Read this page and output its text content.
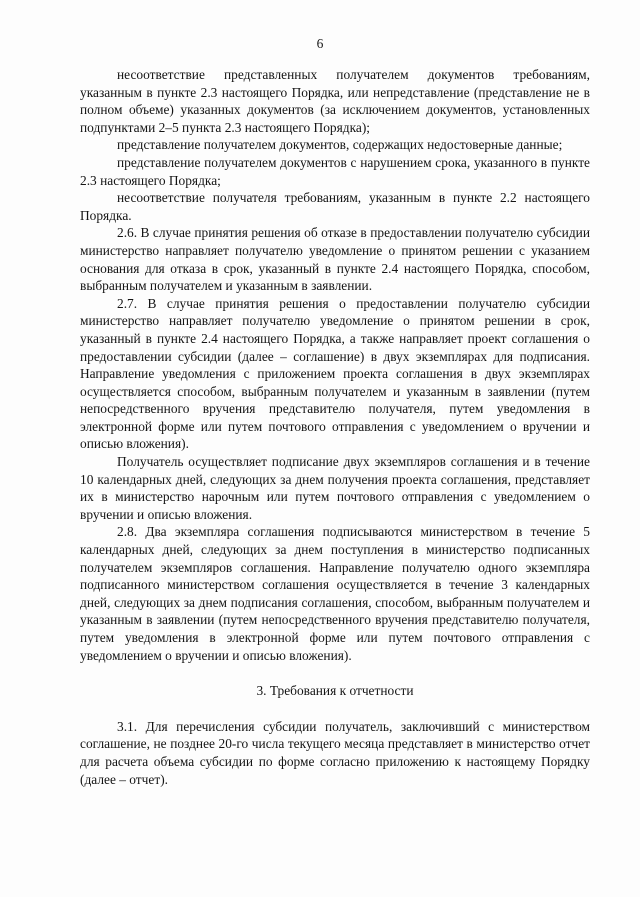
6

несоответствие представленных получателем документов требованиям, указанным в пункте 2.3 настоящего Порядка, или непредставление (представление не в полном объеме) указанных документов (за исключением документов, установленных подпунктами 2–5 пункта 2.3 настоящего Порядка);

представление получателем документов, содержащих недостоверные данные;

представление получателем документов с нарушением срока, указанного в пункте 2.3 настоящего Порядка;

несоответствие получателя требованиям, указанным в пункте 2.2 настоящего Порядка.

2.6. В случае принятия решения об отказе в предоставлении получателю субсидии министерство направляет получателю уведомление о принятом решении с указанием основания для отказа в срок, указанный в пункте 2.4 настоящего Порядка, способом, выбранным получателем и указанным в заявлении.

2.7. В случае принятия решения о предоставлении получателю субсидии министерство направляет получателю уведомление о принятом решении в срок, указанный в пункте 2.4 настоящего Порядка, а также направляет проект соглашения о предоставлении субсидии (далее – соглашение) в двух экземплярах для подписания. Направление уведомления с приложением проекта соглашения в двух экземплярах осуществляется способом, выбранным получателем и указанным в заявлении (путем непосредственного вручения представителю получателя, путем уведомления в электронной форме или путем почтового отправления с уведомлением о вручении и описью вложения).

Получатель осуществляет подписание двух экземпляров соглашения и в течение 10 календарных дней, следующих за днем получения проекта соглашения, представляет их в министерство нарочным или путем почтового отправления с уведомлением о вручении и описью вложения.

2.8. Два экземпляра соглашения подписываются министерством в течение 5 календарных дней, следующих за днем поступления в министерство подписанных получателем экземпляров соглашения. Направление получателю одного экземпляра подписанного министерством соглашения осуществляется в течение 3 календарных дней, следующих за днем подписания соглашения, способом, выбранным получателем и указанным в заявлении (путем непосредственного вручения представителю получателя, путем уведомления в электронной форме или путем почтового отправления с уведомлением о вручении и описью вложения).

3. Требования к отчетности

3.1. Для перечисления субсидии получатель, заключивший с министерством соглашение, не позднее 20-го числа текущего месяца представляет в министерство отчет для расчета объема субсидии по форме согласно приложению к настоящему Порядку (далее – отчет).
